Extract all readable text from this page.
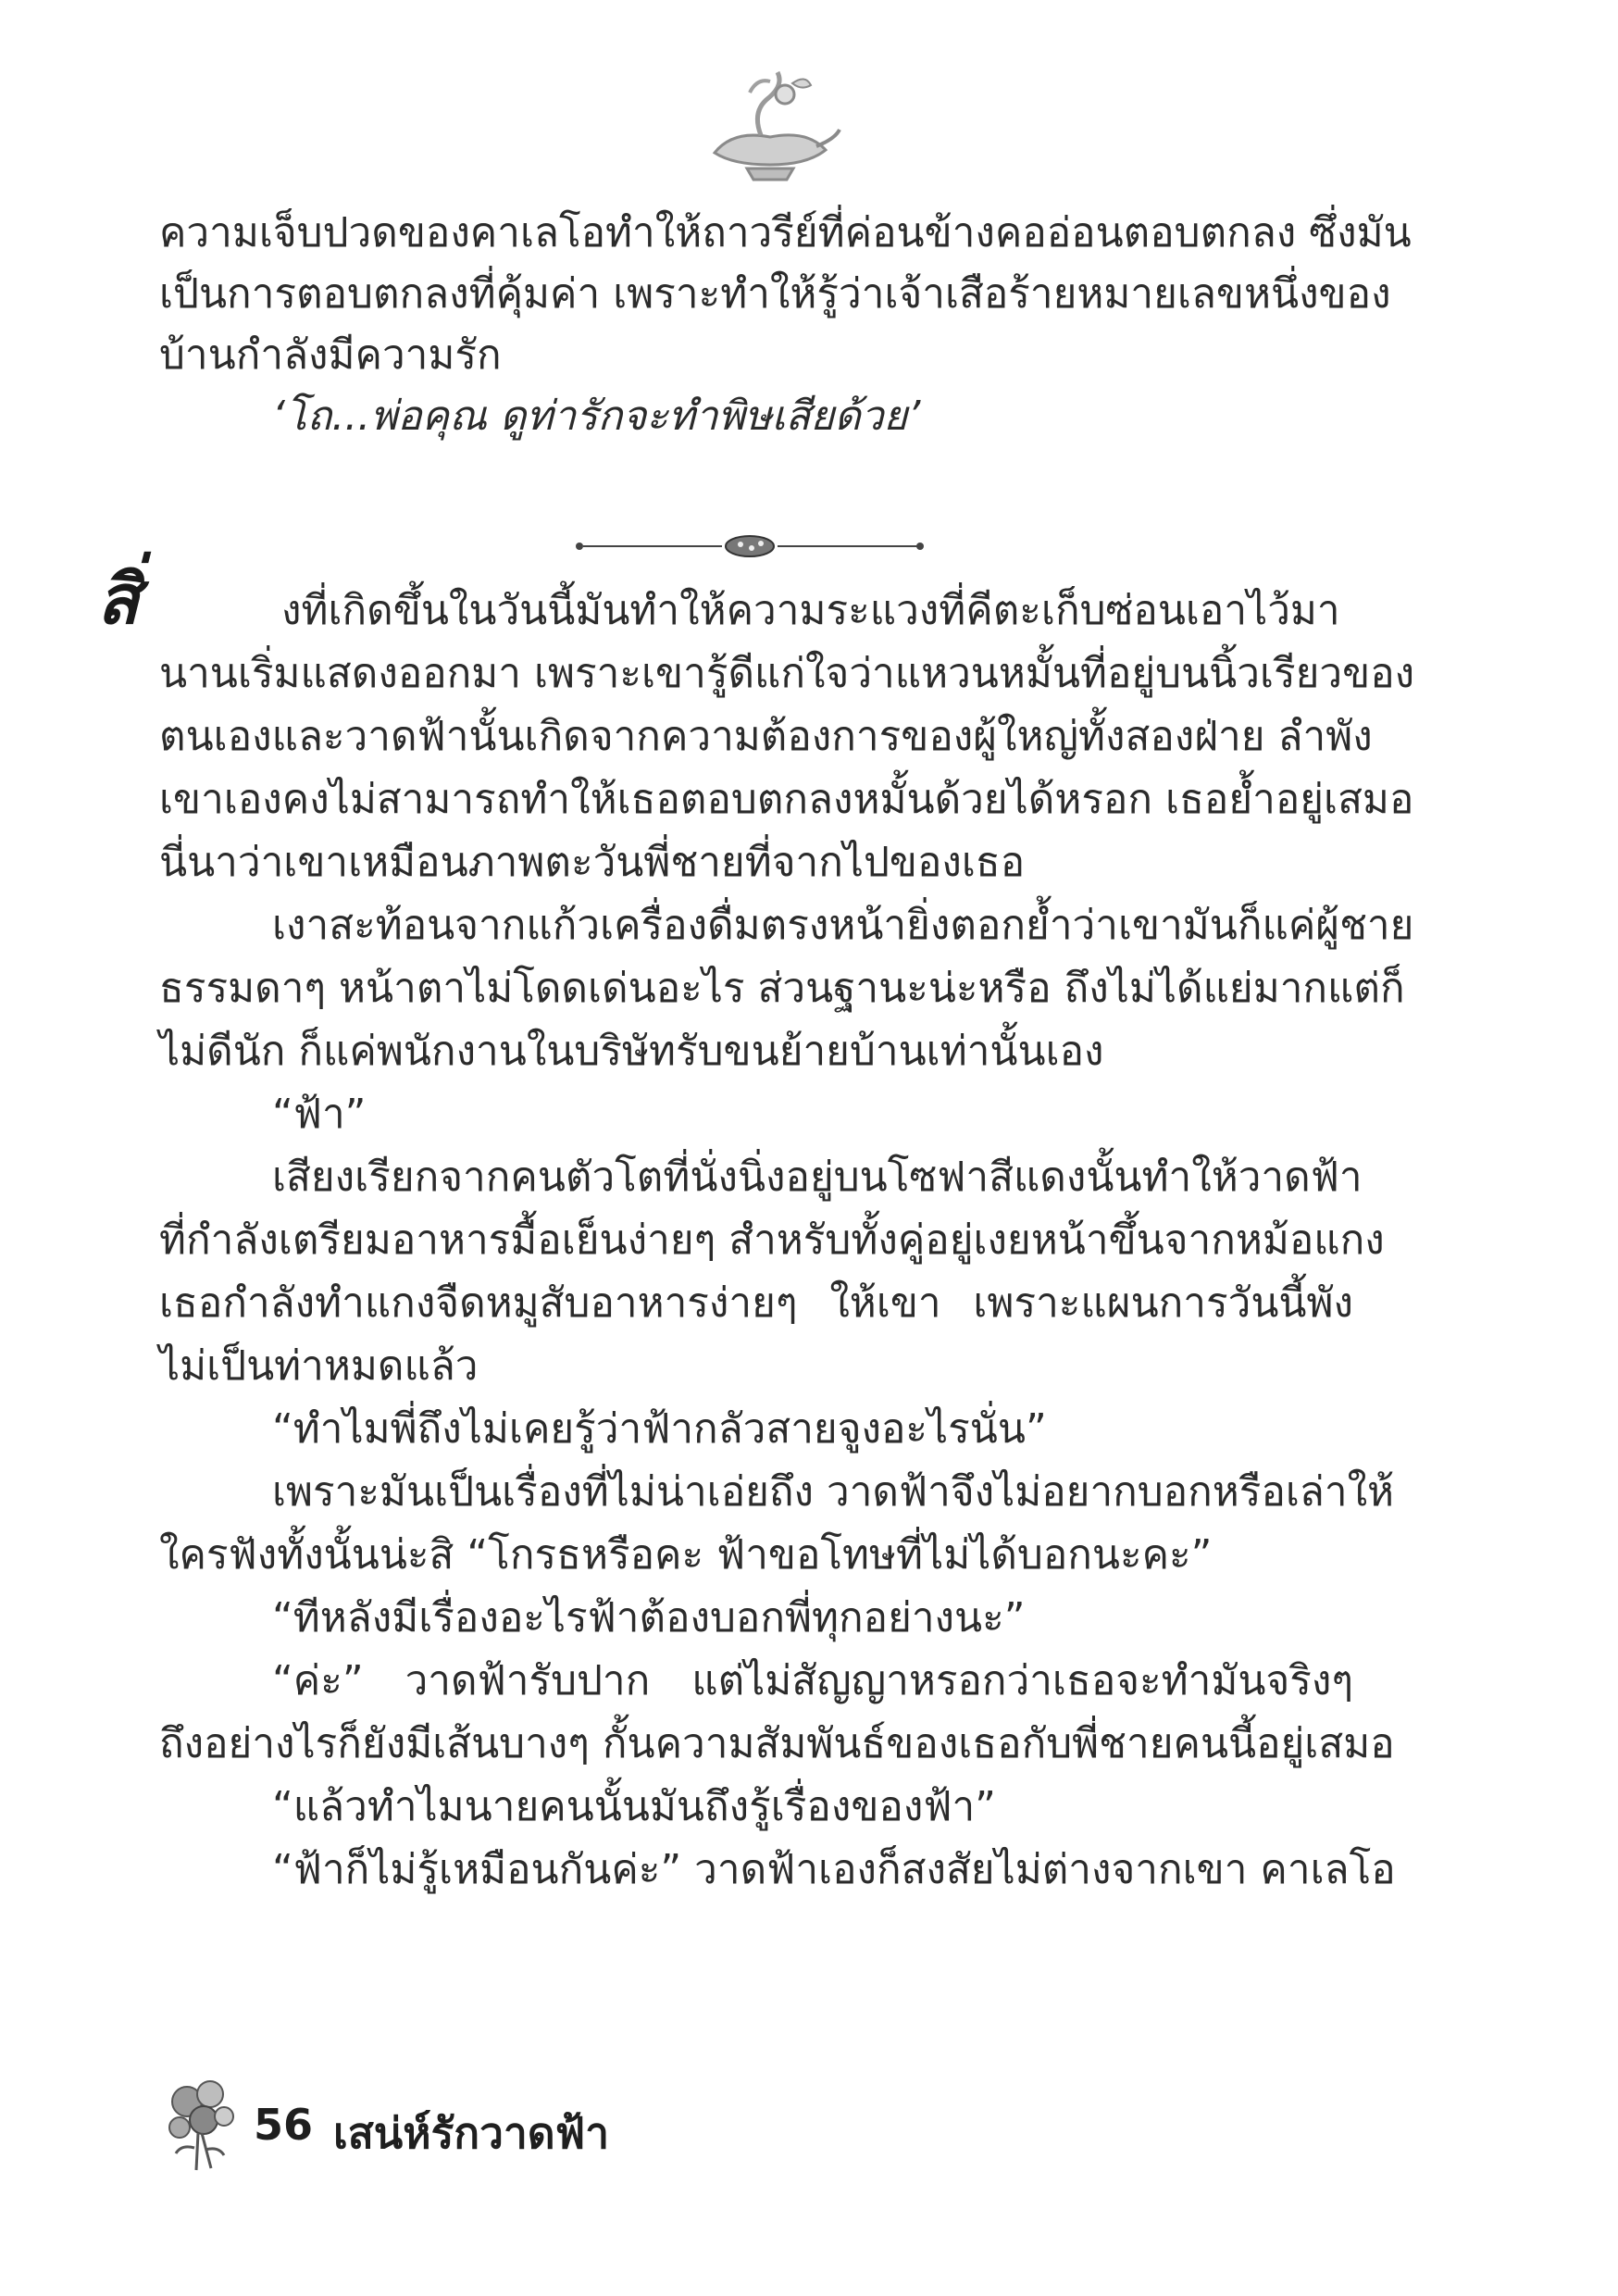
สิ่
ความเจ็บปวดของคาเลโอทำให้ถาวรีย์ที่ค่อนข้างคออ่อนตอบตกลง ซึ่งมัน
เป็นการตอบตกลงที่คุ้มค่า เพราะทำให้รู้ว่าเจ้าเสือร้ายหมายเลขหนึ่งของ
บ้านกำลังมีความรัก
‘โถ...พ่อคุณ ดูท่ารักจะทำพิษเสียด้วย’
งที่เกิดขึ้นในวันนี้มันทำให้ความระแวงที่คีตะเก็บซ่อนเอาไว้มา
นานเริ่มแสดงออกมา เพราะเขารู้ดีแก่ใจว่าแหวนหมั้นที่อยู่บนนิ้วเรียวของ
ตนเองและวาดฟ้านั้นเกิดจากความต้องการของผู้ใหญ่ทั้งสองฝ่าย ลำพัง
เขาเองคงไม่สามารถทำให้เธอตอบตกลงหมั้นด้วยได้หรอก เธอย้ำอยู่เสมอ
นี่นาว่าเขาเหมือนภาพตะวันพี่ชายที่จากไปของเธอ
เงาสะท้อนจากแก้วเครื่องดื่มตรงหน้ายิ่งตอกย้ำว่าเขามันก็แค่ผู้ชาย
ธรรมดาๆ หน้าตาไม่โดดเด่นอะไร ส่วนฐานะน่ะหรือ ถึงไม่ได้แย่มากแต่ก็
ไม่ดีนัก ก็แค่พนักงานในบริษัทรับขนย้ายบ้านเท่านั้นเอง
“ฟ้า”
เสียงเรียกจากคนตัวโตที่นั่งนิ่งอยู่บนโซฟาสีแดงนั้นทำให้วาดฟ้า
ที่กำลังเตรียมอาหารมื้อเย็นง่ายๆ สำหรับทั้งคู่อยู่เงยหน้าขึ้นจากหม้อแกง
เธอกำลังทำแกงจืดหมูสับอาหารง่ายๆ ให้เขา เพราะแผนการวันนี้พัง
ไม่เป็นท่าหมดแล้ว
“ทำไมพี่ถึงไม่เคยรู้ว่าฟ้ากลัวสายจูงอะไรนั่น”
เพราะมันเป็นเรื่องที่ไม่น่าเอ่ยถึง วาดฟ้าจึงไม่อยากบอกหรือเล่าให้
ใครฟังทั้งนั้นน่ะสิ “โกรธหรือคะ ฟ้าขอโทษที่ไม่ได้บอกนะคะ”
“ทีหลังมีเรื่องอะไรฟ้าต้องบอกพี่ทุกอย่างนะ”
“ค่ะ” วาดฟ้ารับปาก แต่ไม่สัญญาหรอกว่าเธอจะทำมันจริงๆ
ถึงอย่างไรก็ยังมีเส้นบางๆ กั้นความสัมพันธ์ของเธอกับพี่ชายคนนี้อยู่เสมอ
“แล้วทำไมนายคนนั้นมันถึงรู้เรื่องของฟ้า”
“ฟ้าก็ไม่รู้เหมือนกันค่ะ” วาดฟ้าเองก็สงสัยไม่ต่างจากเขา คาเลโอ
56 เสน่ห์รักวาดฟ้า
